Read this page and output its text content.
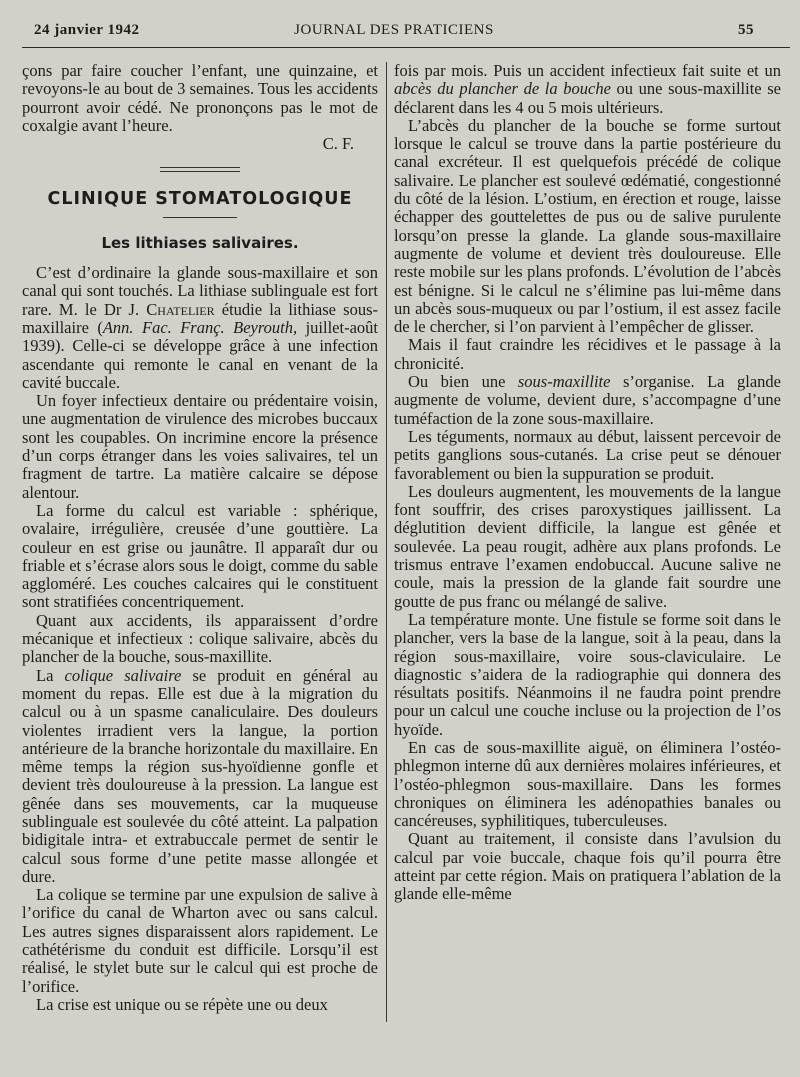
24 janvier 1942	JOURNAL DES PRATICIENS	55

çons par faire coucher l’enfant, une quinzaine, et revoyons-le au bout de 3 semaines. Tous les accidents pourront avoir cédé. Ne prononçons pas le mot de coxalgie avant l’heure.

C. F.

CLINIQUE STOMATOLOGIQUE
Les lithiases salivaires.

C’est d’ordinaire la glande sous-maxillaire et son canal qui sont touchés. La lithiase sublinguale est fort rare. M. le Dr J. Chatelier étudie la lithiase sous-maxillaire (Ann. Fac. Franç. Beyrouth, juillet-août 1939). Celle-ci se développe grâce à une infection ascendante qui remonte le canal en venant de la cavité buccale.

Un foyer infectieux dentaire ou prédentaire voisin, une augmentation de virulence des microbes buccaux sont les coupables. On incrimine encore la présence d’un corps étranger dans les voies salivaires, tel un fragment de tartre. La matière calcaire se dépose alentour.

La forme du calcul est variable : sphérique, ovalaire, irrégulière, creusée d’une gouttière. La couleur en est grise ou jaunâtre. Il apparaît dur ou friable et s’écrase alors sous le doigt, comme du sable aggloméré. Les couches calcaires qui le constituent sont stratifiées concentriquement.

Quant aux accidents, ils apparaissent d’ordre mécanique et infectieux : colique salivaire, abcès du plancher de la bouche, sous-maxillite.

La colique salivaire se produit en général au moment du repas. Elle est due à la migration du calcul ou à un spasme canaliculaire. Des douleurs violentes irradient vers la langue, la portion antérieure de la branche horizontale du maxillaire. En même temps la région sus-hyoïdienne gonfle et devient très douloureuse à la pression. La langue est gênée dans ses mouvements, car la muqueuse sublinguale est soulevée du côté atteint. La palpation bidigitale intra- et extrabuccale permet de sentir le calcul sous forme d’une petite masse allongée et dure.

La colique se termine par une expulsion de salive à l’orifice du canal de Wharton avec ou sans calcul. Les autres signes disparaissent alors rapidement. Le cathétérisme du conduit est difficile. Lorsqu’il est réalisé, le stylet bute sur le calcul qui est proche de l’orifice.

La crise est unique ou se répète une ou deux

fois par mois. Puis un accident infectieux fait suite et un abcès du plancher de la bouche ou une sous-maxillite se déclarent dans les 4 ou 5 mois ultérieurs.

L’abcès du plancher de la bouche se forme surtout lorsque le calcul se trouve dans la partie postérieure du canal excréteur. Il est quelquefois précédé de colique salivaire. Le plancher est soulevé œdématié, congestionné du côté de la lésion. L’ostium, en érection et rouge, laisse échapper des gouttelettes de pus ou de salive purulente lorsqu’on presse la glande. La glande sous-maxillaire augmente de volume et devient très douloureuse. Elle reste mobile sur les plans profonds. L’évolution de l’abcès est bénigne. Si le calcul ne s’élimine pas lui-même dans un abcès sous-muqueux ou par l’ostium, il est assez facile de le chercher, si l’on parvient à l’empêcher de glisser.

Mais il faut craindre les récidives et le passage à la chronicité.

Ou bien une sous-maxillite s’organise. La glande augmente de volume, devient dure, s’accompagne d’une tuméfaction de la zone sous-maxillaire.

Les téguments, normaux au début, laissent percevoir de petits ganglions sous-cutanés. La crise peut se dénouer favorablement ou bien la suppuration se produit.

Les douleurs augmentent, les mouvements de la langue font souffrir, des crises paroxystiques jaillissent. La déglutition devient difficile, la langue est gênée et soulevée. La peau rougit, adhère aux plans profonds. Le trismus entrave l’examen endobuccal. Aucune salive ne coule, mais la pression de la glande fait sourdre une goutte de pus franc ou mélangé de salive.

La température monte. Une fistule se forme soit dans le plancher, vers la base de la langue, soit à la peau, dans la région sous-maxillaire, voire sous-claviculaire. Le diagnostic s’aidera de la radiographie qui donnera des résultats positifs. Néanmoins il ne faudra point prendre pour un calcul une couche incluse ou la projection de l’os hyoïde.

En cas de sous-maxillite aiguë, on éliminera l’ostéo-phlegmon interne dû aux dernières molaires inférieures, et l’ostéo-phlegmon sous-maxillaire. Dans les formes chroniques on éliminera les adénopathies banales ou cancéreuses, syphilitiques, tuberculeuses.

Quant au traitement, il consiste dans l’avulsion du calcul par voie buccale, chaque fois qu’il pourra être atteint par cette région. Mais on pratiquera l’ablation de la glande elle-même
